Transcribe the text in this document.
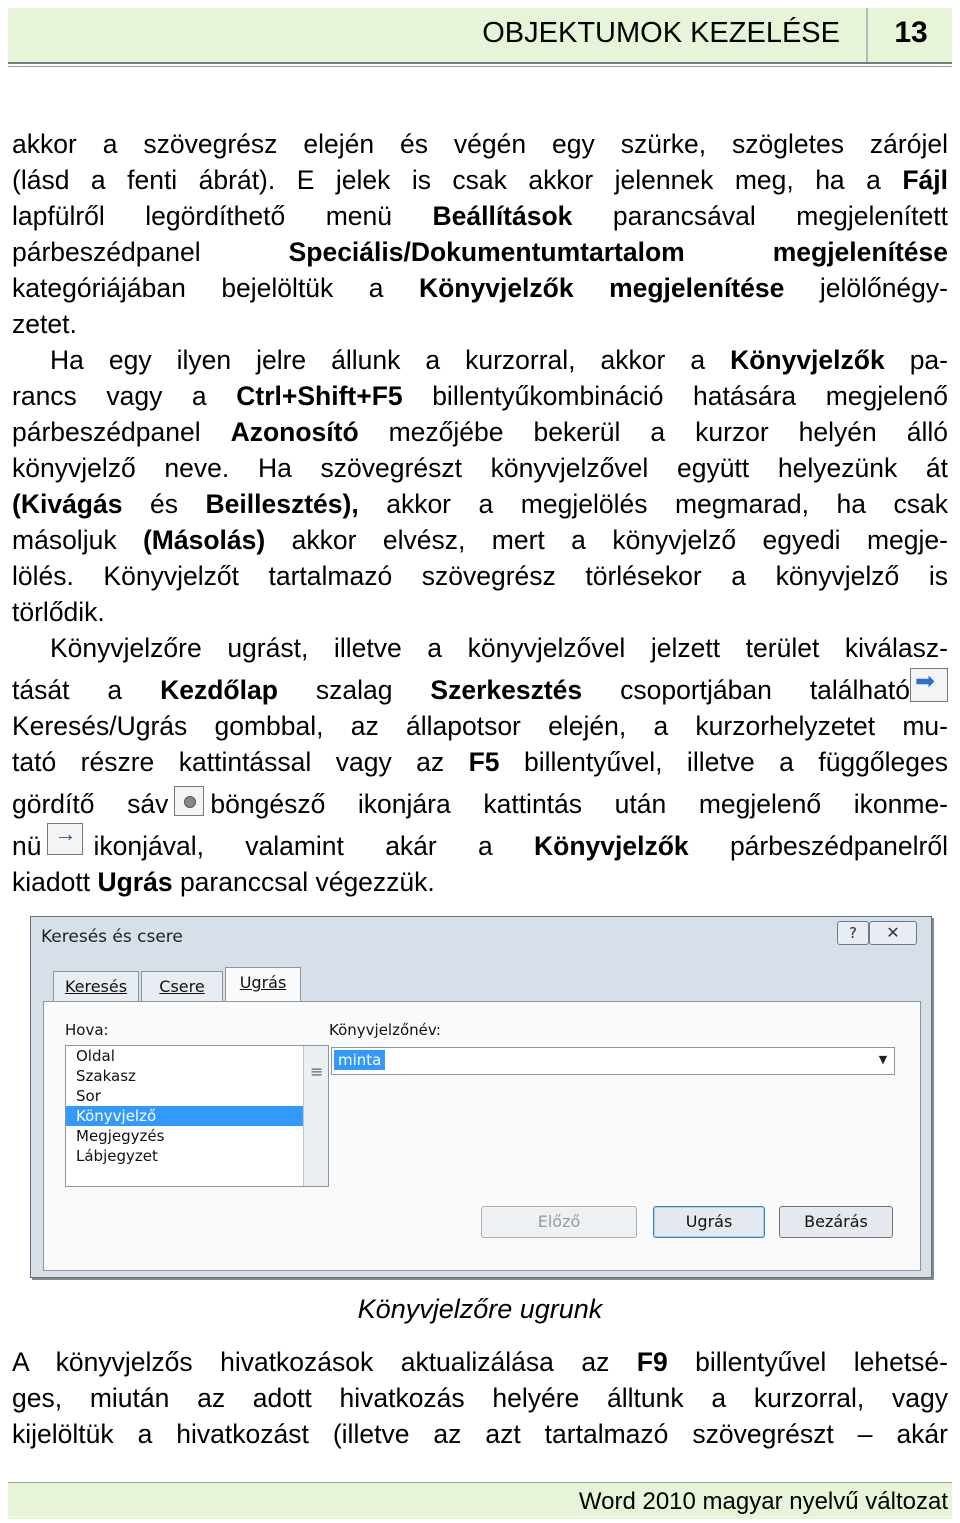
OBJEKTUMOK KEZELÉSE	13
akkor a szövegrész elején és végén egy szürke, szögletes zárójel
(lásd a fenti ábrát). E jelek is csak akkor jelennek meg, ha a Fájl
lapfülről legördíthető menü Beállítások parancsával megjelenített
párbeszédpanel Speciális/Dokumentumtartalom megjelenítése
kategóriájában bejelöltük a Könyvjelzők megjelenítése jelölőnégy-
zetet.
Ha egy ilyen jelre állunk a kurzorral, akkor a Könyvjelzők pa-
rancs vagy a Ctrl+Shift+F5 billentyűkombináció hatására megjelenő
párbeszédpanel Azonosító mezőjébe bekerül a kurzor helyén álló
könyvjelző neve. Ha szövegrészt könyvjelzővel együtt helyezünk át
(Kivágás és Beillesztés), akkor a megjelölés megmarad, ha csak
másoljuk (Másolás) akkor elvész, mert a könyvjelző egyedi megje-
lölés. Könyvjelzőt tartalmazó szövegrész törlésekor a könyvjelző is
törlődik.
Könyvjelzőre ugrást, illetve a könyvjelzővel jelzett terület kiválasz-
tását a Kezdőlap szalag Szerkesztés csoportjában található➡
Keresés/Ugrás gombbal, az állapotsor elején, a kurzorhelyzetet mu-
tató részre kattintással vagy az F5 billentyűvel, illetve a függőleges
gördítő sáv böngésző ikonjára kattintás után megjelenő ikonme-
nü→ ikonjával, valamint akár a Könyvjelzők párbeszédpanelről
kiadott Ugrás paranccsal végezzük.
Keresés és csere	?	✕
Keresés	Csere	Ugrás
Hova:
Oldal
Szakasz
Sor
Könyvjelző
Megjegyzés
Lábjegyzet
≡
Könyvjelzőnév:
minta	▼
Előző	Ugrás	Bezárás
Könyvjelzőre ugrunk
A könyvjelzős hivatkozások aktualizálása az F9 billentyűvel lehetsé-
ges, miután az adott hivatkozás helyére álltunk a kurzorral, vagy
kijelöltük a hivatkozást (illetve az azt tartalmazó szövegrészt – akár
Word 2010 magyar nyelvű változat
